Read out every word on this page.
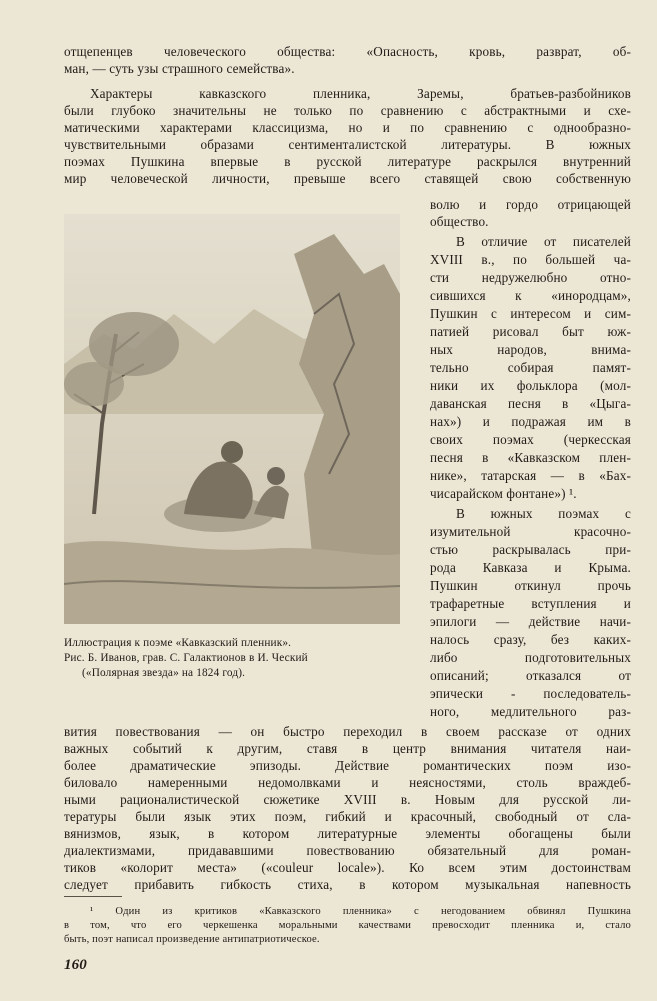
отщепенцев человеческого общества: «Опасность, кровь, разврат, об-
ман, — суть узы страшного семейства».
Характеры кавказского пленника, Заремы, братьев-разбойников
были глубоко значительны не только по сравнению с абстрактными и схе-
матическими характерами классицизма, но и по сравнению с однообразно-
чувствительными образами сентименталистской литературы. В южных
поэмах Пушкина впервые в русской литературе раскрылся внутренний
мир человеческой личности, превыше всего ставящей свою собственную
волю и гордо отрицающей
общество.
В отличие от писателей
XVIII в., по большей ча-
сти недружелюбно отно-
сившихся к «инородцам»,
Пушкин с интересом и сим-
патией рисовал быт юж-
ных народов, внима-
тельно собирая памят-
ники их фольклора (мол-
даванская песня в «Цыга-
нах») и подражая им в
своих поэмах (черкесская
песня в «Кавказском плен-
нике», татарская — в «Бах-
чисарайском фонтане») ¹.
В южных поэмах с
изумительной красочно-
стью раскрывалась при-
рода Кавказа и Крыма.
Пушкин откинул прочь
трафаретные вступления и
эпилоги — действие начи-
налось сразу, без каких-
либо подготовительных
описаний; отказался от
эпически - последователь-
ного, медлительного раз-
Иллюстрация к поэме «Кавказский пленник».
Рис. Б. Иванов, грав. С. Галактионов в И. Ческий
(«Полярная звезда» на 1824 год).
вития повествования — он быстро переходил в своем рассказе от одних
важных событий к другим, ставя в центр внимания читателя наи-
более драматические эпизоды. Действие романтических поэм изо-
биловало намеренными недомолвками и неясностями, столь враждеб-
ными рационалистической сюжетике XVIII в. Новым для русской ли-
тературы были язык этих поэм, гибкий и красочный, свободный от сла-
вянизмов, язык, в котором литературные элементы обогащены были
диалектизмами, придававшими повествованию обязательный для роман-
тиков «колорит места» («couleur locale»). Ко всем этим достоинствам
следует прибавить гибкость стиха, в котором музыкальная напевность
¹ Один из критиков «Кавказского пленника» с негодованием обвинял Пушкина
в том, что его черкешенка моральными качествами превосходит пленника и, стало
быть, поэт написал произведение антипатриотическое.
160
